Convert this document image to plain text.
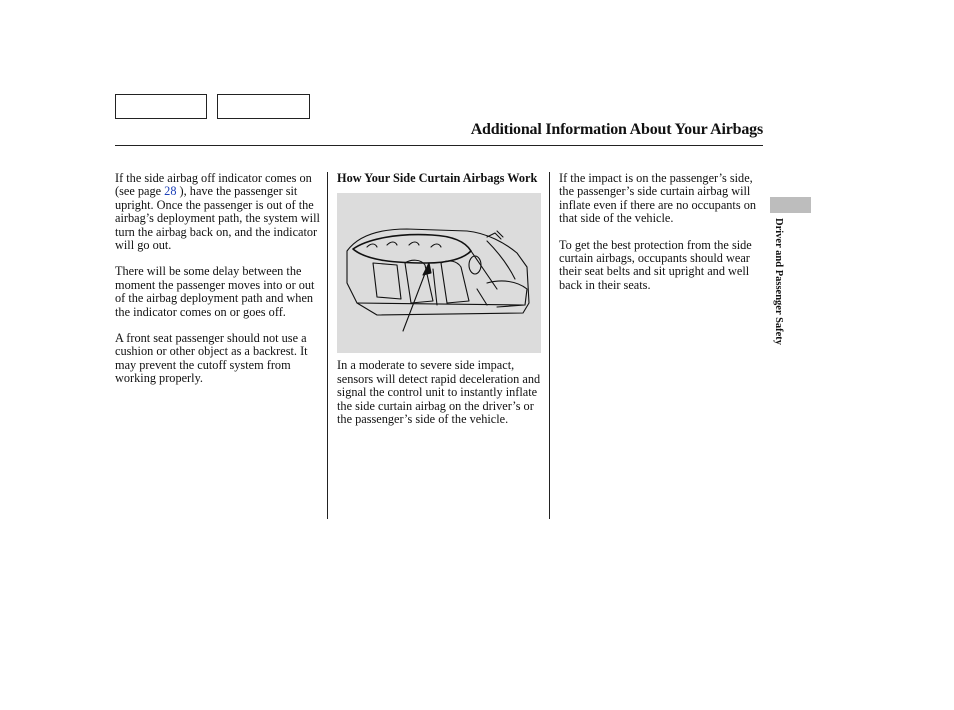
Additional Information About Your Airbags

If the side airbag off indicator comes on (see page 28 ), have the passenger sit upright. Once the passenger is out of the airbag’s deployment path, the system will turn the airbag back on, and the indicator will go out.

There will be some delay between the moment the passenger moves into or out of the airbag deployment path and when the indicator comes on or goes off.

A front seat passenger should not use a cushion or other object as a backrest. It may prevent the cutoff system from working properly.

How Your Side Curtain Airbags Work

In a moderate to severe side impact, sensors will detect rapid deceleration and signal the control unit to instantly inflate the side curtain airbag on the driver’s or the passenger’s side of the vehicle.

If the impact is on the passenger’s side, the passenger’s side curtain airbag will inflate even if there are no occupants on that side of the vehicle.

To get the best protection from the side curtain airbags, occupants should wear their seat belts and sit upright and well back in their seats.	Driver and Passenger Safety
